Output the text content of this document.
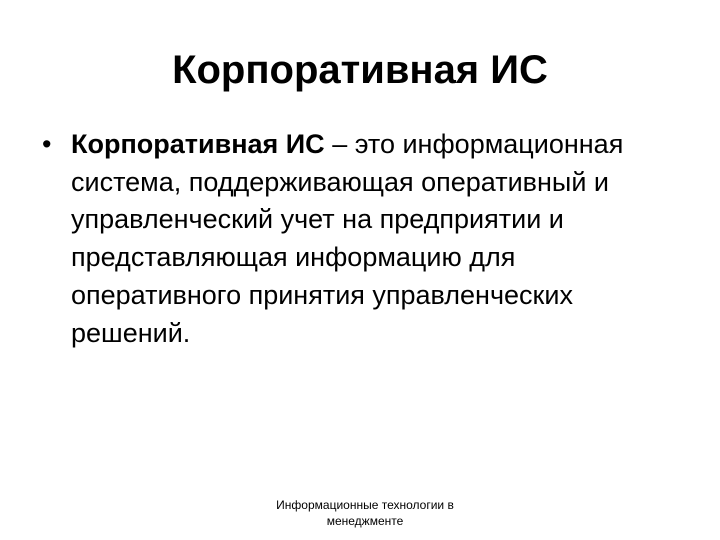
Корпоративная ИС
• Корпоративная ИС – это информационная система, поддерживающая оперативный и управленческий учет на предприятии и представляющая информацию для оперативного принятия управленческих решений.
Информационные технологии в
менеджменте
